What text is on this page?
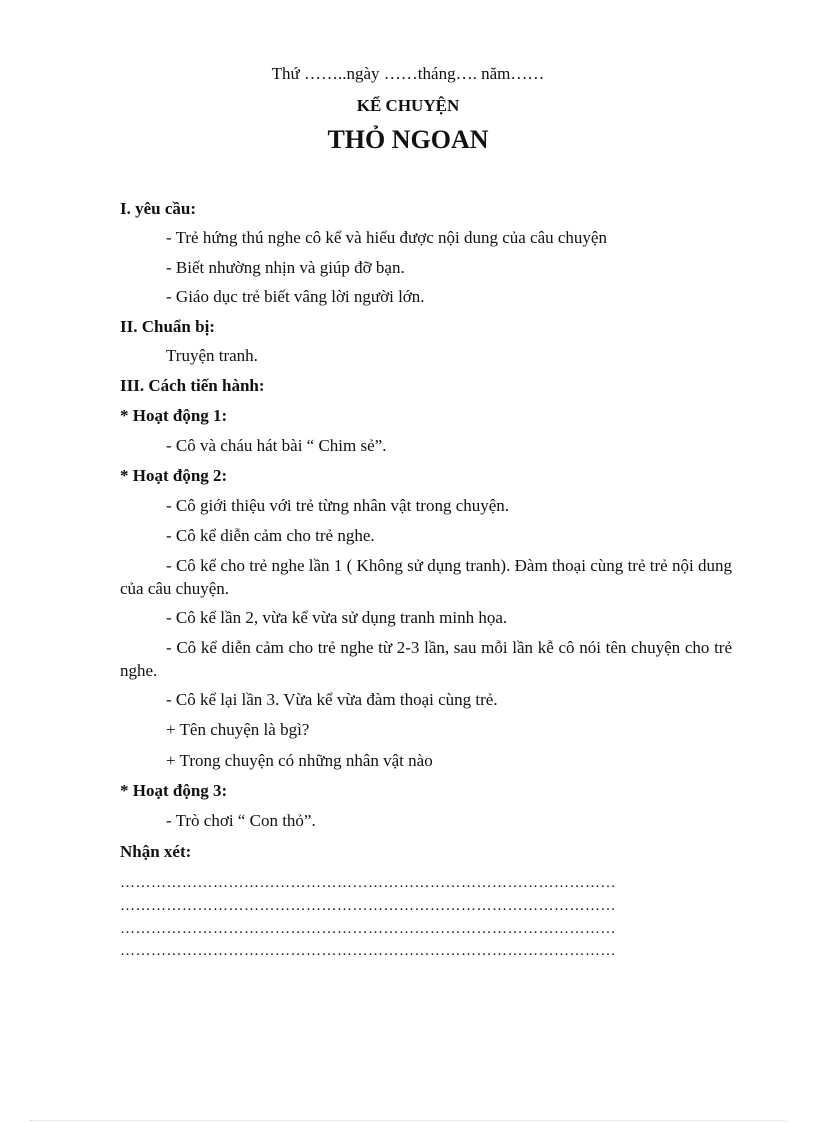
Thứ ……..ngày ……tháng…. năm……
KỂ CHUYỆN
THỎ NGOAN
I. yêu cầu:
- Trẻ hứng thú nghe cô kể và hiểu được nội dung của câu chuyện
- Biết nhường nhịn và giúp đỡ bạn.
- Giáo dục trẻ biết vâng lời người lớn.
II. Chuẩn bị:
Truyện tranh.
III. Cách tiến hành:
* Hoạt động 1:
- Cô và cháu hát bài “ Chim sẻ”.
* Hoạt động 2:
- Cô giới thiệu với trẻ từng nhân vật trong chuyện.
- Cô kể diễn cảm cho trẻ nghe.
- Cô kể cho trẻ nghe lần 1 ( Không sử dụng tranh). Đàm thoại cùng trẻ trẻ nội dung của câu chuyện.
- Cô kể lần 2, vừa kể vừa sử dụng tranh minh họa.
- Cô kể diễn cảm cho trẻ nghe từ 2-3 lần, sau mỗi lần kễ cô nói tên chuyện cho trẻ nghe.
- Cô kể lại lần 3. Vừa kể vừa đàm thoại cùng trẻ.
+ Tên chuyện là bgì?
+ Trong chuyện có những nhân vật nào
* Hoạt động 3:
- Trò chơi “ Con thỏ”.
Nhận xét:
……………………………………………………………………………………
……………………………………………………………………………………
……………………………………………………………………………………
……………………………………………………………………………………
